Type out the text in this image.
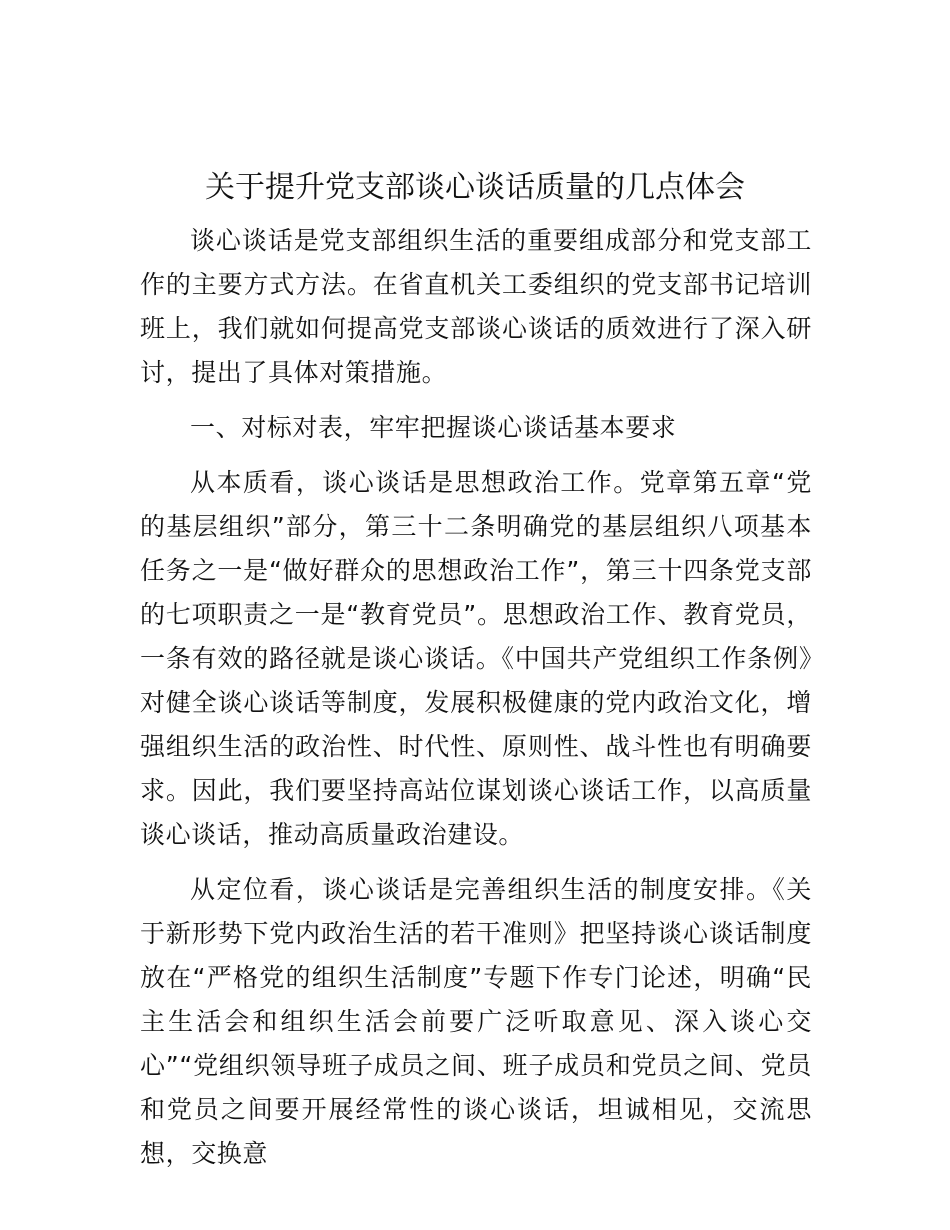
关于提升党支部谈心谈话质量的几点体会

谈心谈话是党支部组织生活的重要组成部分和党支部工作的主要方式方法。在省直机关工委组织的党支部书记培训班上，我们就如何提高党支部谈心谈话的质效进行了深入研讨，提出了具体对策措施。

一、对标对表，牢牢把握谈心谈话基本要求

从本质看，谈心谈话是思想政治工作。党章第五章“党的基层组织”部分，第三十二条明确党的基层组织八项基本任务之一是“做好群众的思想政治工作”，第三十四条党支部的七项职责之一是“教育党员”。思想政治工作、教育党员，一条有效的路径就是谈心谈话。《中国共产党组织工作条例》对健全谈心谈话等制度，发展积极健康的党内政治文化，增强组织生活的政治性、时代性、原则性、战斗性也有明确要求。因此，我们要坚持高站位谋划谈心谈话工作，以高质量谈心谈话，推动高质量政治建设。

从定位看，谈心谈话是完善组织生活的制度安排。《关于新形势下党内政治生活的若干准则》把坚持谈心谈话制度放在“严格党的组织生活制度”专题下作专门论述，明确“民主生活会和组织生活会前要广泛听取意见、深入谈心交心”“党组织领导班子成员之间、班子成员和党员之间、党员和党员之间要开展经常性的谈心谈话，坦诚相见，交流思想，交换意
